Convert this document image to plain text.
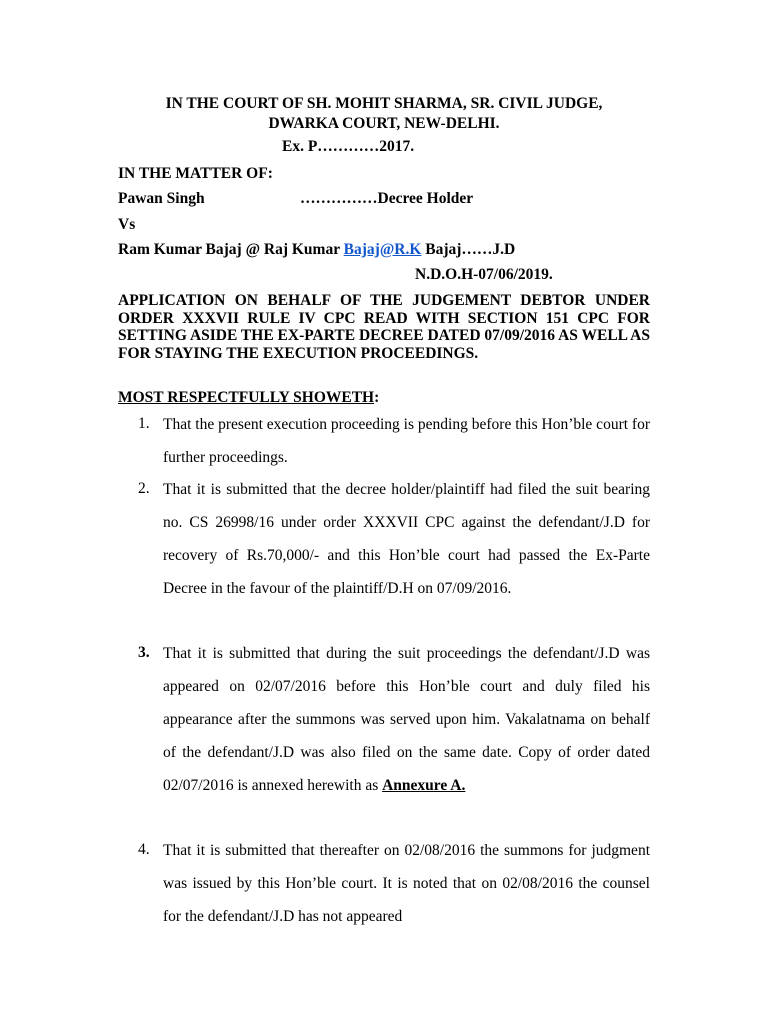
IN THE COURT OF SH. MOHIT SHARMA, SR. CIVIL JUDGE,
DWARKA COURT, NEW-DELHI.
Ex. P…………2017.
IN THE MATTER OF:
Pawan Singh	……………Decree Holder
Vs
Ram Kumar Bajaj @ Raj Kumar Bajaj@R.K Bajaj……J.D
N.D.O.H-07/06/2019.
APPLICATION ON BEHALF OF THE JUDGEMENT DEBTOR UNDER ORDER XXXVII RULE IV CPC READ WITH SECTION 151 CPC FOR SETTING ASIDE THE EX-PARTE DECREE DATED 07/09/2016 AS WELL AS FOR STAYING THE EXECUTION PROCEEDINGS.
MOST RESPECTFULLY SHOWETH:
1. That the present execution proceeding is pending before this Hon’ble court for further proceedings.
2. That it is submitted that the decree holder/plaintiff had filed the suit bearing no. CS 26998/16 under order XXXVII CPC against the defendant/J.D for recovery of Rs.70,000/- and this Hon’ble court had passed the Ex-Parte Decree in the favour of the plaintiff/D.H on 07/09/2016.
3. That it is submitted that during the suit proceedings the defendant/J.D was appeared on 02/07/2016 before this Hon’ble court and duly filed his appearance after the summons was served upon him. Vakalatnama on behalf of the defendant/J.D was also filed on the same date. Copy of order dated 02/07/2016 is annexed herewith as Annexure A.
4. That it is submitted that thereafter on 02/08/2016 the summons for judgment was issued by this Hon’ble court. It is noted that on 02/08/2016 the counsel for the defendant/J.D has not appeared
